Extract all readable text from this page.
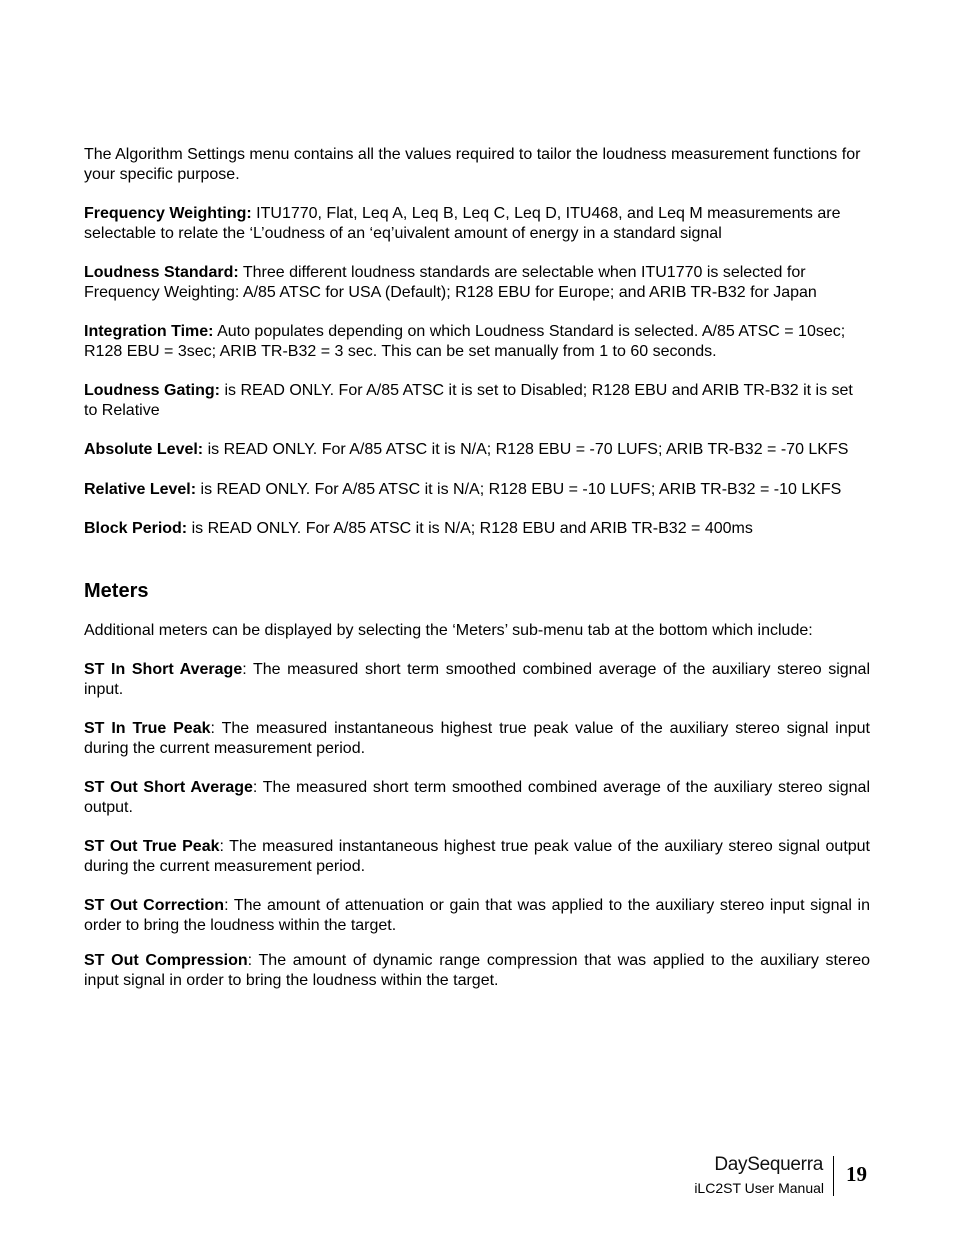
The Algorithm Settings menu contains all the values required to tailor the loudness measurement functions for your specific purpose.

Frequency Weighting: ITU1770, Flat, Leq A, Leq B, Leq C, Leq D, ITU468, and Leq M measurements are selectable to relate the ‘L’oudness of an ‘eq’uivalent amount of energy in a standard signal

Loudness Standard: Three different loudness standards are selectable when ITU1770 is selected for Frequency Weighting: A/85 ATSC for USA (Default); R128 EBU for Europe; and ARIB TR-B32 for Japan

Integration Time: Auto populates depending on which Loudness Standard is selected. A/85 ATSC = 10sec; R128 EBU = 3sec; ARIB TR-B32 = 3 sec. This can be set manually from 1 to 60 seconds.

Loudness Gating: is READ ONLY. For A/85 ATSC it is set to Disabled; R128 EBU and ARIB TR-B32 it is set to Relative

Absolute Level: is READ ONLY. For A/85 ATSC it is N/A; R128 EBU = -70 LUFS; ARIB TR-B32 = -70 LKFS

Relative Level: is READ ONLY. For A/85 ATSC it is N/A; R128 EBU = -10 LUFS; ARIB TR-B32 = -10 LKFS

Block Period: is READ ONLY. For A/85 ATSC it is N/A; R128 EBU and ARIB TR-B32 = 400ms

Meters

Additional meters can be displayed by selecting the ‘Meters’ sub-menu tab at the bottom which include:

ST In Short Average: The measured short term smoothed combined average of the auxiliary stereo signal input.

ST In True Peak: The measured instantaneous highest true peak value of the auxiliary stereo signal input during the current measurement period.

ST Out Short Average: The measured short term smoothed combined average of the auxiliary stereo signal output.

ST Out True Peak: The measured instantaneous highest true peak value of the auxiliary stereo signal output during the current measurement period.

ST Out Correction: The amount of attenuation or gain that was applied to the auxiliary stereo input signal in order to bring the loudness within the target.

ST Out Compression: The amount of dynamic range compression that was applied to the auxiliary stereo input signal in order to bring the loudness within the target.

DaySequerra
iLC2ST User Manual
19
